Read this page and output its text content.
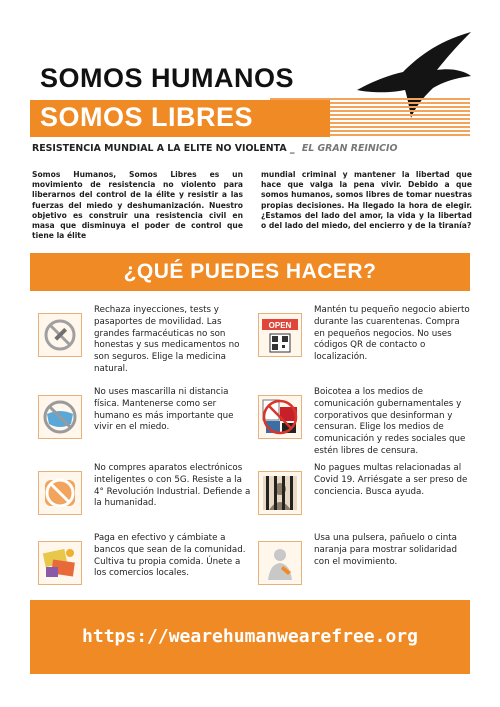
SOMOS HUMANOS
SOMOS LIBRES
RESISTENCIA MUNDIAL A LA ELITE NO VIOLENTA _ EL GRAN REINICIO

Somos Humanos, Somos Libres es un movimiento de resistencia no violento para liberarnos del control de la élite y resistir a las fuerzas del miedo y deshumanización. Nuestro objetivo es construir una resistencia civil en masa que disminuya el poder de control que tiene la élite

mundial criminal y mantener la libertad que hace que valga la pena vivir. Debido a que somos humanos, somos libres de tomar nuestras propias decisiones. Ha llegado la hora de elegir. ¿Estamos del lado del amor, la vida y la libertad o del lado del miedo, del encierro y de la tiranía?

¿QUÉ PUEDES HACER?
Rechaza inyecciones, tests y pasaportes de movilidad. Las grandes farmacéuticas no son honestas y sus medicamentos no son seguros. Elige la medicina natural.
OPEN
Mantén tu pequeño negocio abierto durante las cuarentenas. Compra en pequeños negocios. No uses códigos QR de contacto o localización.
No uses mascarilla ni distancia física. Mantenerse como ser humano es más importante que vivir en el miedo.
Boicotea a los medios de comunicación gubernamentales y corporativos que desinforman y censuran. Elige los medios de comunicación y redes sociales que estén libres de censura.
No compres aparatos electrónicos inteligentes o con 5G. Resiste a la 4° Revolución Industrial. Defiende a la humanidad.
No pagues multas relacionadas al Covid 19. Arriésgate a ser preso de conciencia. Busca ayuda.
Paga en efectivo y cámbiate a bancos que sean de la comunidad. Cultiva tu propia comida. Únete a los comercios locales.
Usa una pulsera, pañuelo o cinta naranja para mostrar solidaridad con el movimiento.
https://wearehumanwearefree.org
